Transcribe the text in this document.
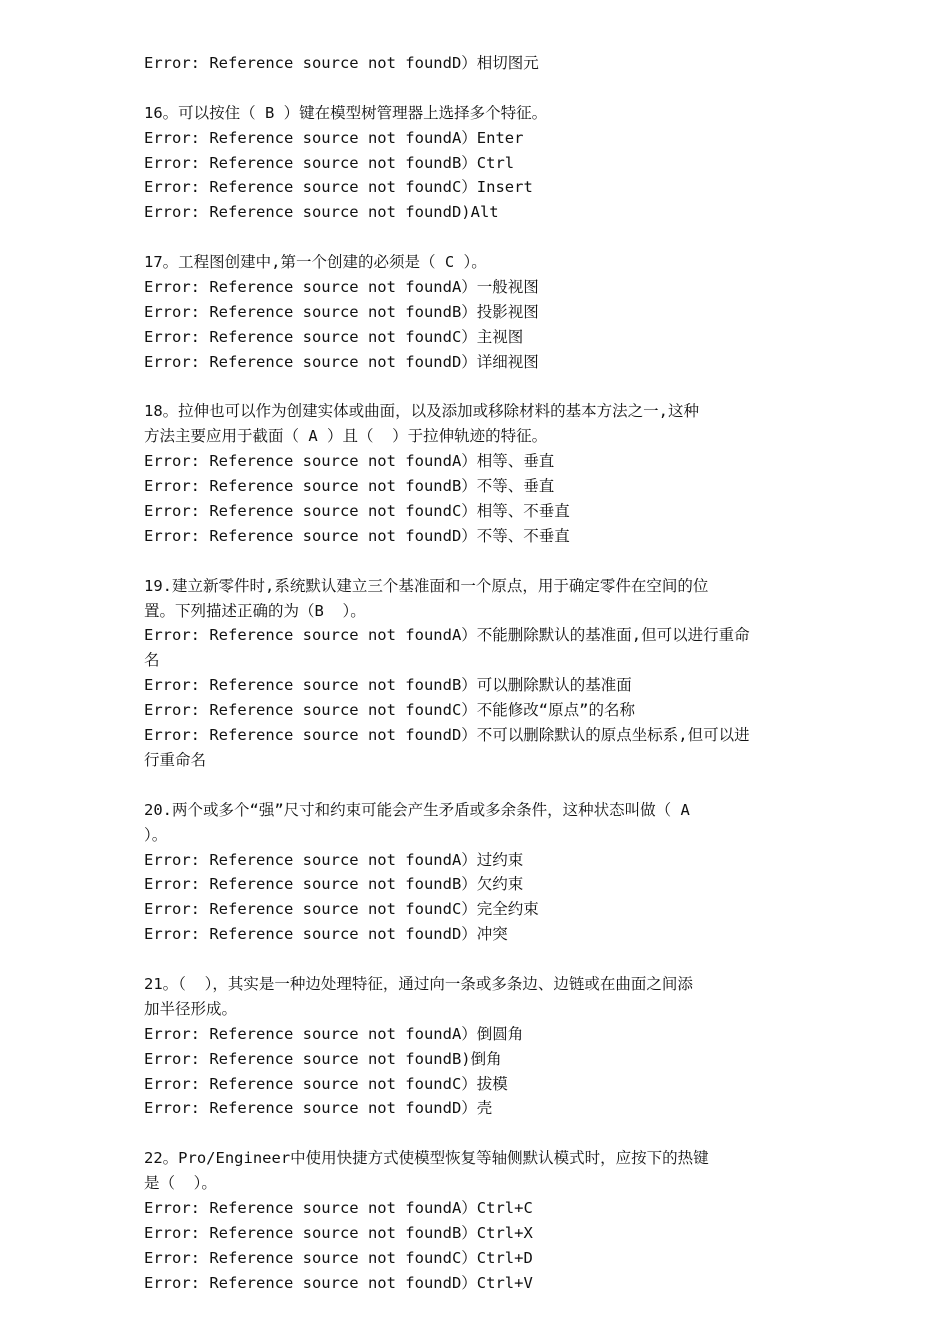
Error: Reference source not foundD）相切图元
16。可以按住（ B ）键在模型树管理器上选择多个特征。
Error: Reference source not foundA）Enter
Error: Reference source not foundB）Ctrl
Error: Reference source not foundC）Insert
Error: Reference source not foundD)Alt
17。工程图创建中,第一个创建的必须是（ C ）。
Error: Reference source not foundA）一般视图
Error: Reference source not foundB）投影视图
Error: Reference source not foundC）主视图
Error: Reference source not foundD）详细视图
18。拉伸也可以作为创建实体或曲面，以及添加或移除材料的基本方法之一,这种
方法主要应用于截面（ A ）且（  ）于拉伸轨迹的特征。
Error: Reference source not foundA）相等、垂直
Error: Reference source not foundB）不等、垂直
Error: Reference source not foundC）相等、不垂直
Error: Reference source not foundD）不等、不垂直
19.建立新零件时,系统默认建立三个基准面和一个原点，用于确定零件在空间的位
置。下列描述正确的为（B  ）。
Error: Reference source not foundA）不能删除默认的基准面,但可以进行重命
名
Error: Reference source not foundB）可以删除默认的基准面
Error: Reference source not foundC）不能修改“原点”的名称
Error: Reference source not foundD）不可以删除默认的原点坐标系,但可以进
行重命名
20.两个或多个“强”尺寸和约束可能会产生矛盾或多余条件，这种状态叫做（ A
）。
Error: Reference source not foundA）过约束
Error: Reference source not foundB）欠约束
Error: Reference source not foundC）完全约束
Error: Reference source not foundD）冲突
21。（  ），其实是一种边处理特征，通过向一条或多条边、边链或在曲面之间添
加半径形成。
Error: Reference source not foundA）倒圆角
Error: Reference source not foundB)倒角
Error: Reference source not foundC）拔模
Error: Reference source not foundD）壳
22。Pro/Engineer中使用快捷方式使模型恢复等轴侧默认模式时，应按下的热键
是（  ）。
Error: Reference source not foundA）Ctrl+C
Error: Reference source not foundB）Ctrl+X
Error: Reference source not foundC）Ctrl+D
Error: Reference source not foundD）Ctrl+V
